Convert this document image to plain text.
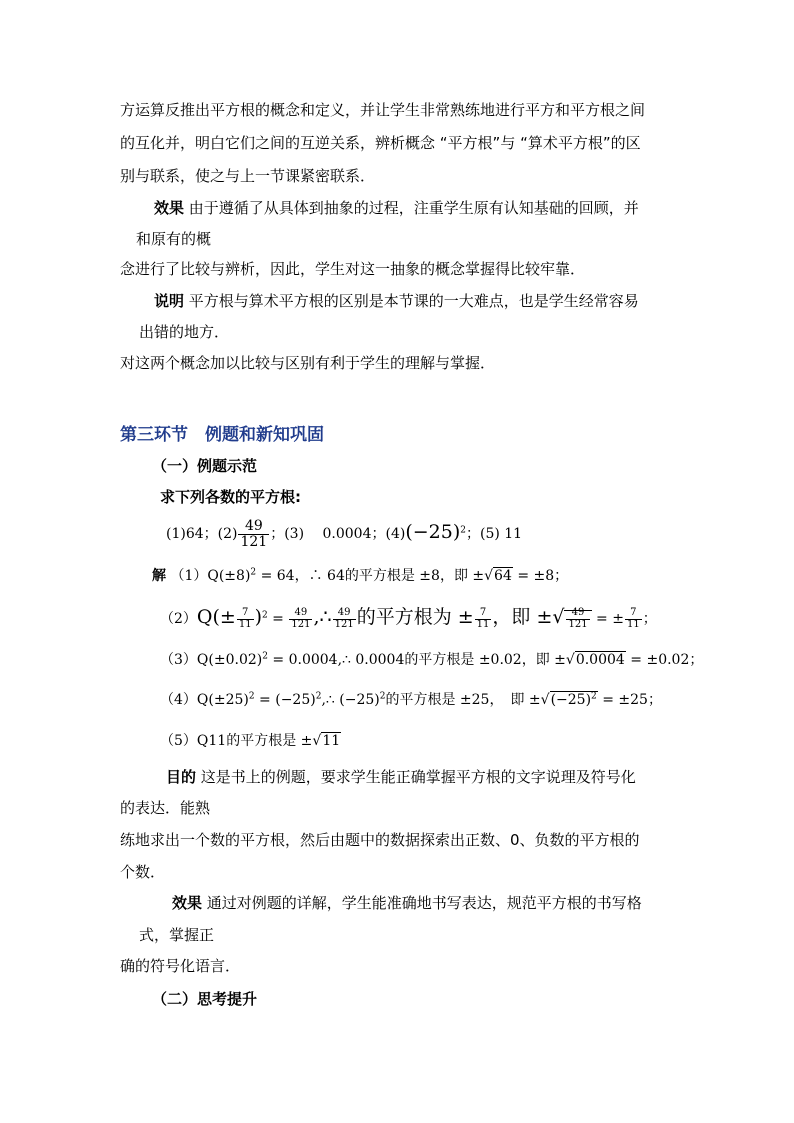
方运算反推出平方根的概念和定义，并让学生非常熟练地进行平方和平方根之间
的互化并，明白它们之间的互逆关系，辨析概念 “平方根”与 “算术平方根”的区
别与联系，使之与上一节课紧密联系．
效果 由于遵循了从具体到抽象的过程，注重学生原有认知基础的回顾，并
和原有的概
念进行了比较与辨析，因此，学生对这一抽象的概念掌握得比较牢靠．
说明 平方根与算术平方根的区别是本节课的一大难点，也是学生经常容易
出错的地方．
对这两个概念加以比较与区别有利于学生的理解与掌握．
第三环节　例题和新知巩固
（一）例题示范
求下列各数的平方根:
(1)64；$(2) \frac{49}{121}$ ；(3)　 0.0004；$(4)(-25)^2$；(5) 11
解 $(1)Q(\pm 8)^2 = 64$，∴ 64的平方根是 ±8，即 ±√64 = ±8；
$(2)Q(\pm \frac{7}{11} )^2 = \frac{49}{121}$ ,∴ $\frac{49}{121}$ 的平方根为 ± $\frac{7}{11}$ ，即 ±√ $\frac{49}{121}$ = ± $\frac{7}{11}$ ；
$(3)Q(\pm 0.02)^2$ = 0.0004,∴ 0.0004的平方根是 ±0.02，即 ±√0.0004 = ±0.02；
$(4)Q(\pm 25)^2$ = $(-25)^2,\therefore$ $(-25)^2$的平方根是 ±25，　即 $\pm√(-25)^2 = \pm 25$；
（5）Q11的平方根是 ±√11
目的 这是书上的例题，要求学生能正确掌握平方根的文字说理及符号化
的表达．能熟
练地求出一个数的平方根，然后由题中的数据探索出正数、0、负数的平方根的
个数．
效果 通过对例题的详解，学生能准确地书写表达，规范平方根的书写格
式，掌握正
确的符号化语言．
（二）思考提升
